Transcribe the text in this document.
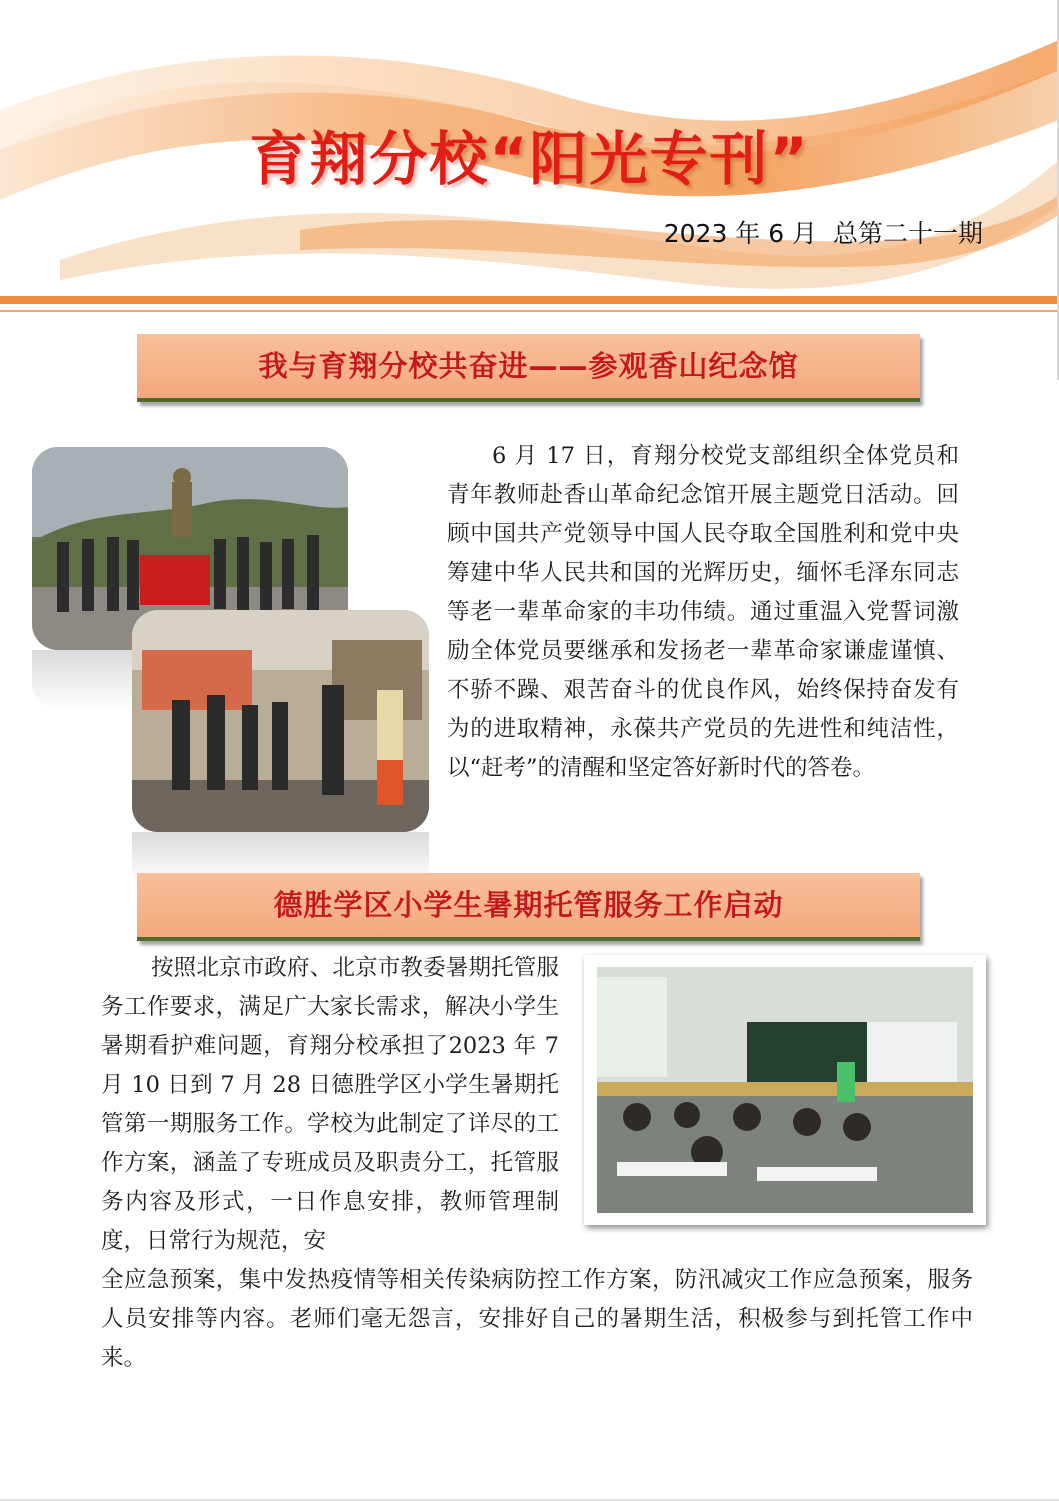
育翔分校“阳光专刊”
2023 年 6 月  总第二十一期
我与育翔分校共奋进——参观香山纪念馆

6 月 17 日，育翔分校党支部组织全体党员和青年教师赴香山革命纪念馆开展主题党日活动。回顾中国共产党领导中国人民夺取全国胜利和党中央筹建中华人民共和国的光辉历史，缅怀毛泽东同志等老一辈革命家的丰功伟绩。通过重温入党誓词激励全体党员要继承和发扬老一辈革命家谦虚谨慎、不骄不躁、艰苦奋斗的优良作风，始终保持奋发有为的进取精神，永葆共产党员的先进性和纯洁性，以“赶考”的清醒和坚定答好新时代的答卷。

德胜学区小学生暑期托管服务工作启动

按照北京市政府、北京市教委暑期托管服务工作要求，满足广大家长需求，解决小学生暑期看护难问题，育翔分校承担了2023 年 7 月 10 日到 7 月 28 日德胜学区小学生暑期托管第一期服务工作。学校为此制定了详尽的工作方案，涵盖了专班成员及职责分工，托管服务内容及形式，一日作息安排，教师管理制度，日常行为规范，安

全应急预案，集中发热疫情等相关传染病防控工作方案，防汛减灾工作应急预案，服务人员安排等内容。老师们毫无怨言，安排好自己的暑期生活，积极参与到托管工作中来。
